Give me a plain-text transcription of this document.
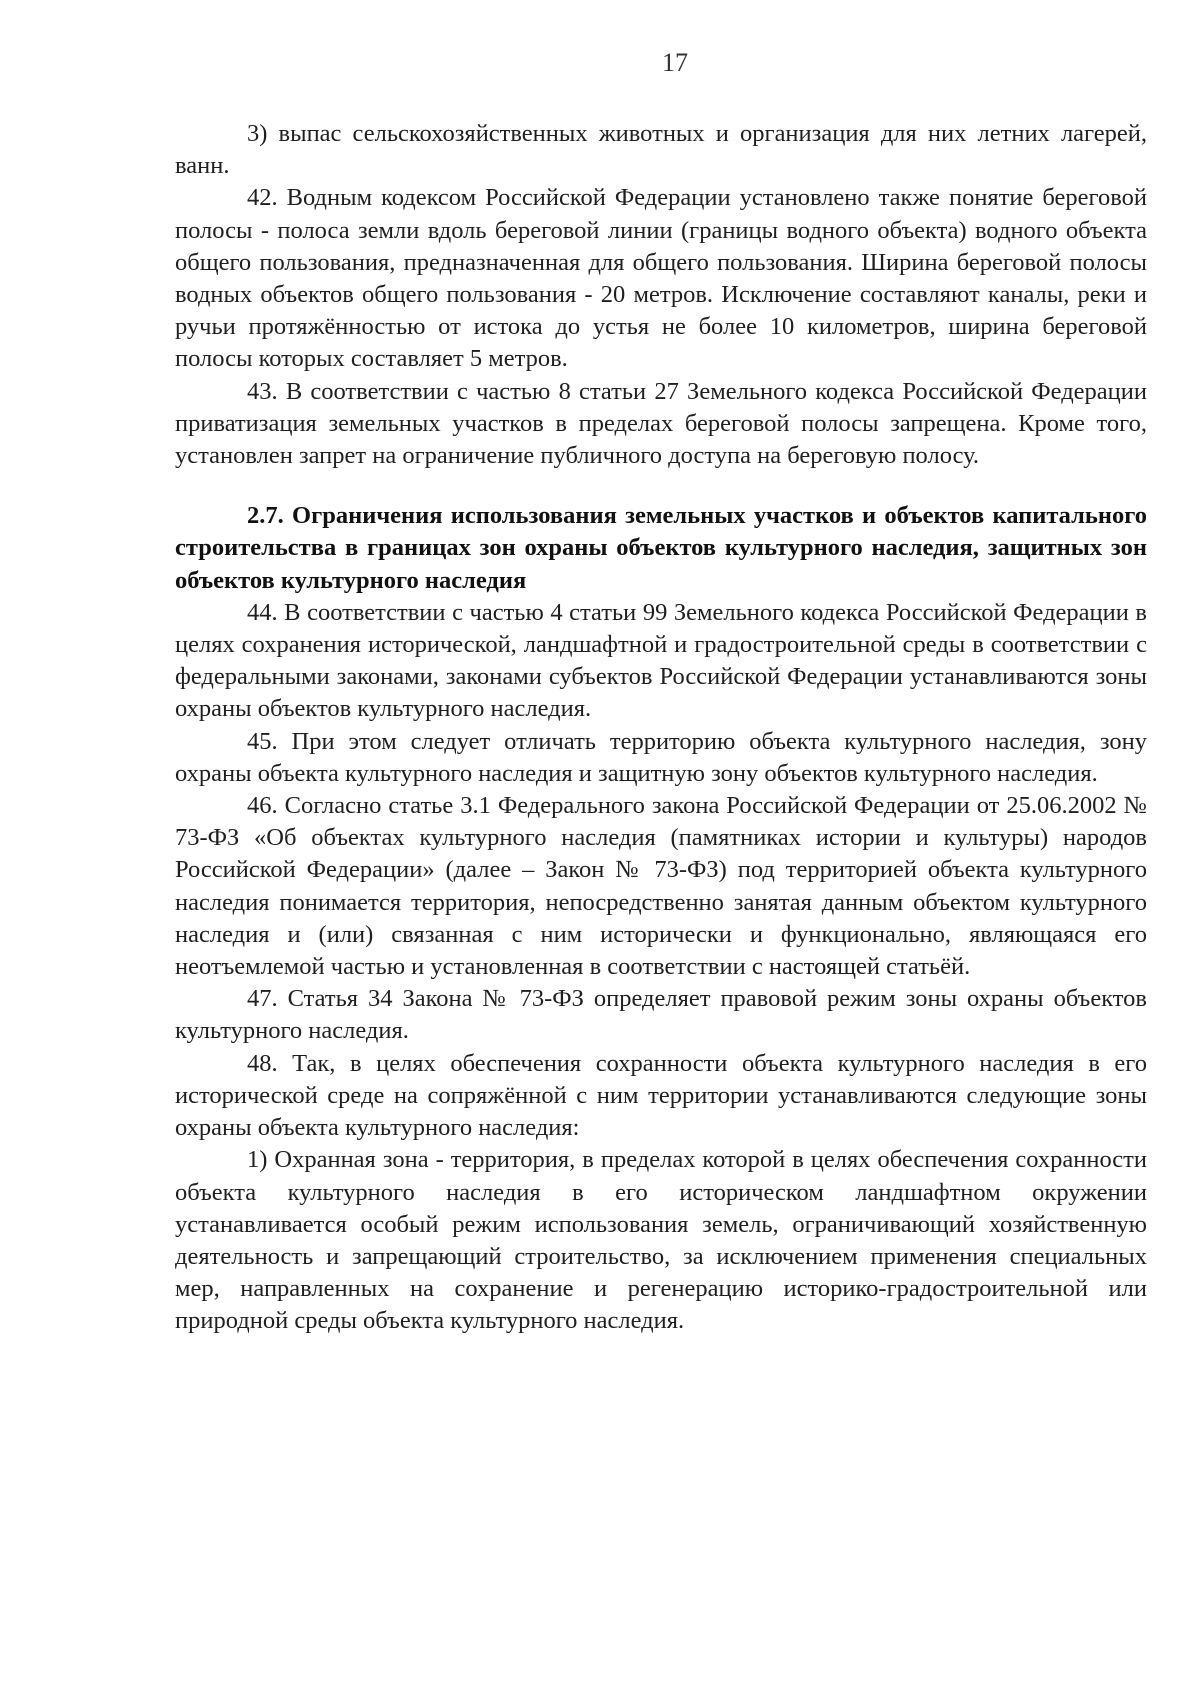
17

3) выпас сельскохозяйственных животных и организация для них летних лагерей, ванн.

42. Водным кодексом Российской Федерации установлено также понятие береговой полосы - полоса земли вдоль береговой линии (границы водного объекта) водного объекта общего пользования, предназначенная для общего пользования. Ширина береговой полосы водных объектов общего пользования - 20 метров. Исключение составляют каналы, реки и ручьи протяжённостью от истока до устья не более 10 километров, ширина береговой полосы которых составляет 5 метров.

43. В соответствии с частью 8 статьи 27 Земельного кодекса Российской Федерации приватизация земельных участков в пределах береговой полосы запрещена. Кроме того, установлен запрет на ограничение публичного доступа на береговую полосу.

2.7. Ограничения использования земельных участков и объектов капитального строительства в границах зон охраны объектов культурного наследия, защитных зон объектов культурного наследия

44. В соответствии с частью 4 статьи 99 Земельного кодекса Российской Федерации в целях сохранения исторической, ландшафтной и градостроительной среды в соответствии с федеральными законами, законами субъектов Российской Федерации устанавливаются зоны охраны объектов культурного наследия.

45. При этом следует отличать территорию объекта культурного наследия, зону охраны объекта культурного наследия и защитную зону объектов культурного наследия.

46. Согласно статье 3.1 Федерального закона Российской Федерации от 25.06.2002 № 73-ФЗ «Об объектах культурного наследия (памятниках истории и культуры) народов Российской Федерации» (далее – Закон № 73-ФЗ) под территорией объекта культурного наследия понимается территория, непосредственно занятая данным объектом культурного наследия и (или) связанная с ним исторически и функционально, являющаяся его неотъемлемой частью и установленная в соответствии с настоящей статьёй.

47. Статья 34 Закона № 73-ФЗ определяет правовой режим зоны охраны объектов культурного наследия.

48. Так, в целях обеспечения сохранности объекта культурного наследия в его исторической среде на сопряжённой с ним территории устанавливаются следующие зоны охраны объекта культурного наследия:

1) Охранная зона - территория, в пределах которой в целях обеспечения сохранности объекта культурного наследия в его историческом ландшафтном окружении устанавливается особый режим использования земель, ограничивающий хозяйственную деятельность и запрещающий строительство, за исключением применения специальных мер, направленных на сохранение и регенерацию историко-градостроительной или природной среды объекта культурного наследия.
